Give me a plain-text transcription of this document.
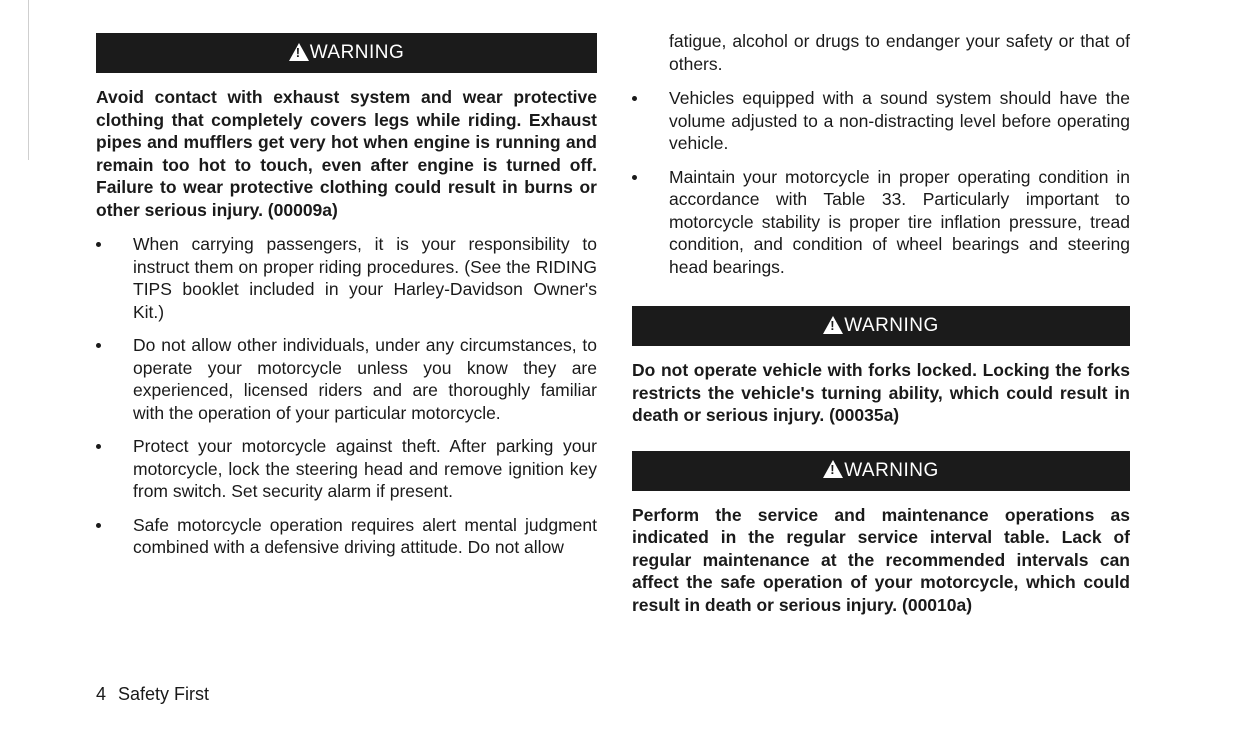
!
WARNING

Avoid contact with exhaust system and wear protective clothing that completely covers legs while riding. Exhaust pipes and mufflers get very hot when engine is running and remain too hot to touch, even after engine is turned off. Failure to wear protective clothing could result in burns or other serious injury. (00009a)

When carrying passengers, it is your responsibility to instruct them on proper riding procedures. (See the RIDING TIPS booklet included in your Harley-Davidson Owner's Kit.)
Do not allow other individuals, under any circumstances, to operate your motorcycle unless you know they are experienced, licensed riders and are thoroughly familiar with the operation of your particular motorcycle.
Protect your motorcycle against theft. After parking your motorcycle, lock the steering head and remove ignition key from switch. Set security alarm if present.
Safe motorcycle operation requires alert mental judgment combined with a defensive driving attitude. Do not allow

fatigue, alcohol or drugs to endanger your safety or that of others.

Vehicles equipped with a sound system should have the volume adjusted to a non-distracting level before operating vehicle.
Maintain your motorcycle in proper operating condition in accordance with Table 33. Particularly important to motorcycle stability is proper tire inflation pressure, tread condition, and condition of wheel bearings and steering head bearings.
!
WARNING

Do not operate vehicle with forks locked. Locking the forks restricts the vehicle's turning ability, which could result in death or serious injury. (00035a)

!
WARNING

Perform the service and maintenance operations as indicated in the regular service interval table. Lack of regular maintenance at the recommended intervals can affect the safe operation of your motorcycle, which could result in death or serious injury. (00010a)

4 Safety First
